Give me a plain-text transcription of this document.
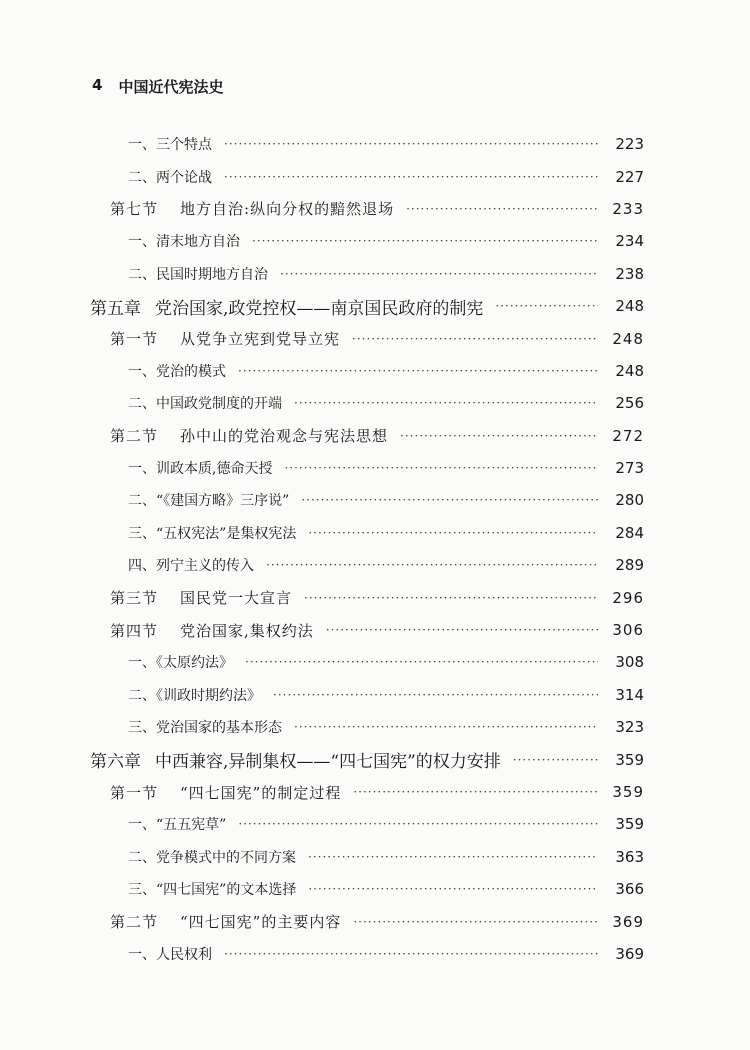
4 中国近代宪法史
一、三个特点 ·····	223
二、两个论战 ·····	227
第七节 地方自治:纵向分权的黯然退场 ·····	233
一、清末地方自治 ·····	234
二、民国时期地方自治 ·····	238
第五章 党治国家,政党控权——南京国民政府的制宪 ·····	248
第一节 从党争立宪到党导立宪 ·····	248
一、党治的模式 ·····	248
二、中国政党制度的开端 ·····	256
第二节 孙中山的党治观念与宪法思想 ·····	272
一、训政本质,德命天授 ·····	273
二、“《建国方略》三序说” ·····	280
三、“五权宪法”是集权宪法 ·····	284
四、列宁主义的传入 ·····	289
第三节 国民党一大宣言 ·····	296
第四节 党治国家,集权约法 ·····	306
一、《太原约法》 ·····	308
二、《训政时期约法》 ·····	314
三、党治国家的基本形态 ·····	323
第六章 中西兼容,异制集权——“四七国宪”的权力安排 ·····	359
第一节 “四七国宪”的制定过程 ·····	359
一、“五五宪草” ·····	359
二、党争模式中的不同方案 ·····	363
三、“四七国宪”的文本选择 ·····	366
第二节 “四七国宪”的主要内容 ·····	369
一、人民权利 ·····	369
